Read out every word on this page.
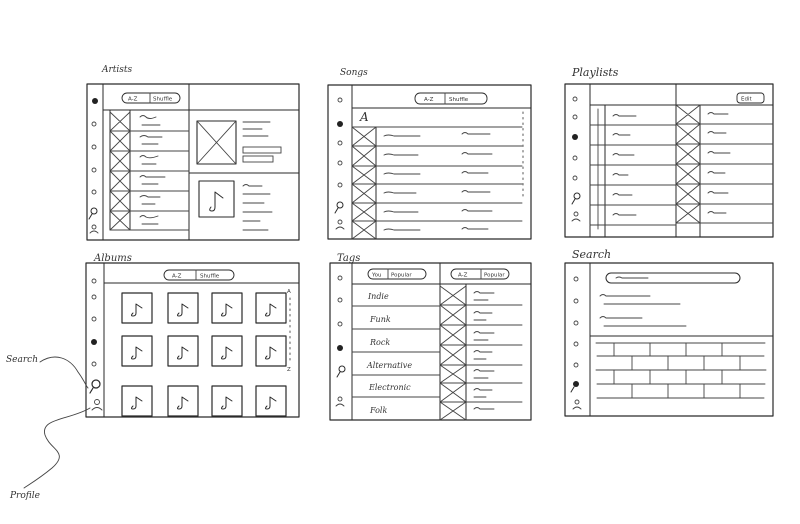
Artists	Songs	Playlists
Albums	Tags	Search
A-Z	Shuffle	A-Z	Shuffle
A
Edit
A-Z	Shuffle
A
Z
You Popular	A-Z	Popular
Indie
Funk
Rock
Alternative
Electronic
Folk
Search
Profile
